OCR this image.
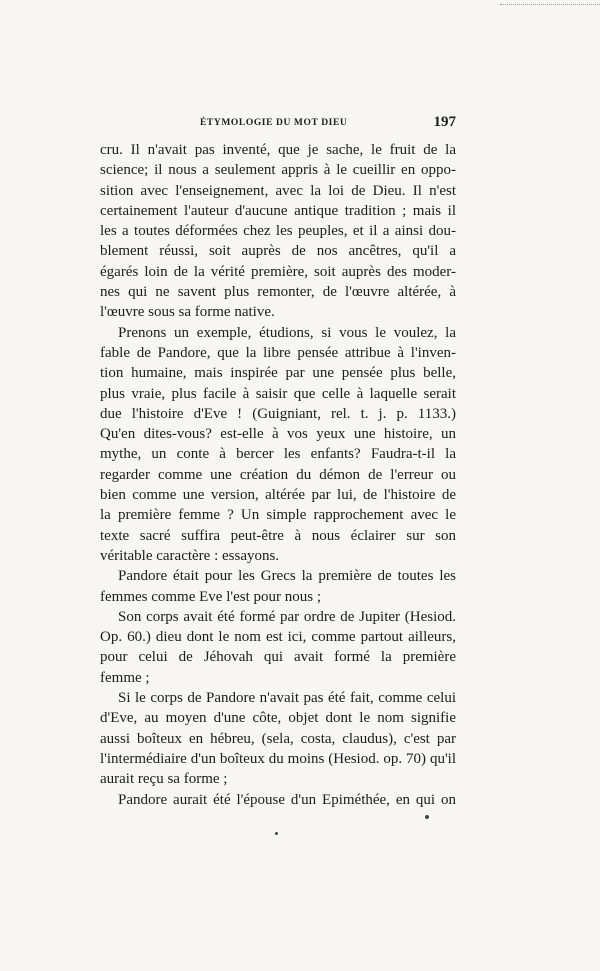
ÉTYMOLOGIE DU MOT DIEU	197
cru. Il n'avait pas inventé, que je sache, le fruit de la
science; il nous a seulement appris à le cueillir en oppo-
sition avec l'enseignement, avec la loi de Dieu. Il n'est
certainement l'auteur d'aucune antique tradition ; mais il
les a toutes déformées chez les peuples, et il a ainsi dou-
blement réussi, soit auprès de nos ancêtres, qu'il a
égarés loin de la vérité première, soit auprès des moder-
nes qui ne savent plus remonter, de l'œuvre altérée, à
l'œuvre sous sa forme native.
Prenons un exemple, étudions, si vous le voulez, la
fable de Pandore, que la libre pensée attribue à l'inven-
tion humaine, mais inspirée par une pensée plus belle,
plus vraie, plus facile à saisir que celle à laquelle serait
due l'histoire d'Eve ! (Guigniant, rel. t. j. p. 1133.)
Qu'en dites-vous? est-elle à vos yeux une histoire, un
mythe, un conte à bercer les enfants? Faudra-t-il la
regarder comme une création du démon de l'erreur ou
bien comme une version, altérée par lui, de l'histoire de
la première femme ? Un simple rapprochement avec le
texte sacré suffira peut-être à nous éclairer sur son
véritable caractère : essayons.
Pandore était pour les Grecs la première de toutes les
femmes comme Eve l'est pour nous ;
Son corps avait été formé par ordre de Jupiter (Hesiod.
Op. 60.) dieu dont le nom est ici, comme partout ailleurs,
pour celui de Jéhovah qui avait formé la première
femme ;
Si le corps de Pandore n'avait pas été fait, comme celui
d'Eve, au moyen d'une côte, objet dont le nom signifie
aussi boîteux en hébreu, (sela, costa, claudus), c'est par
l'intermédiaire d'un boîteux du moins (Hesiod. op. 70) qu'il
aurait reçu sa forme ;
Pandore aurait été l'épouse d'un Epiméthée, en qui on
